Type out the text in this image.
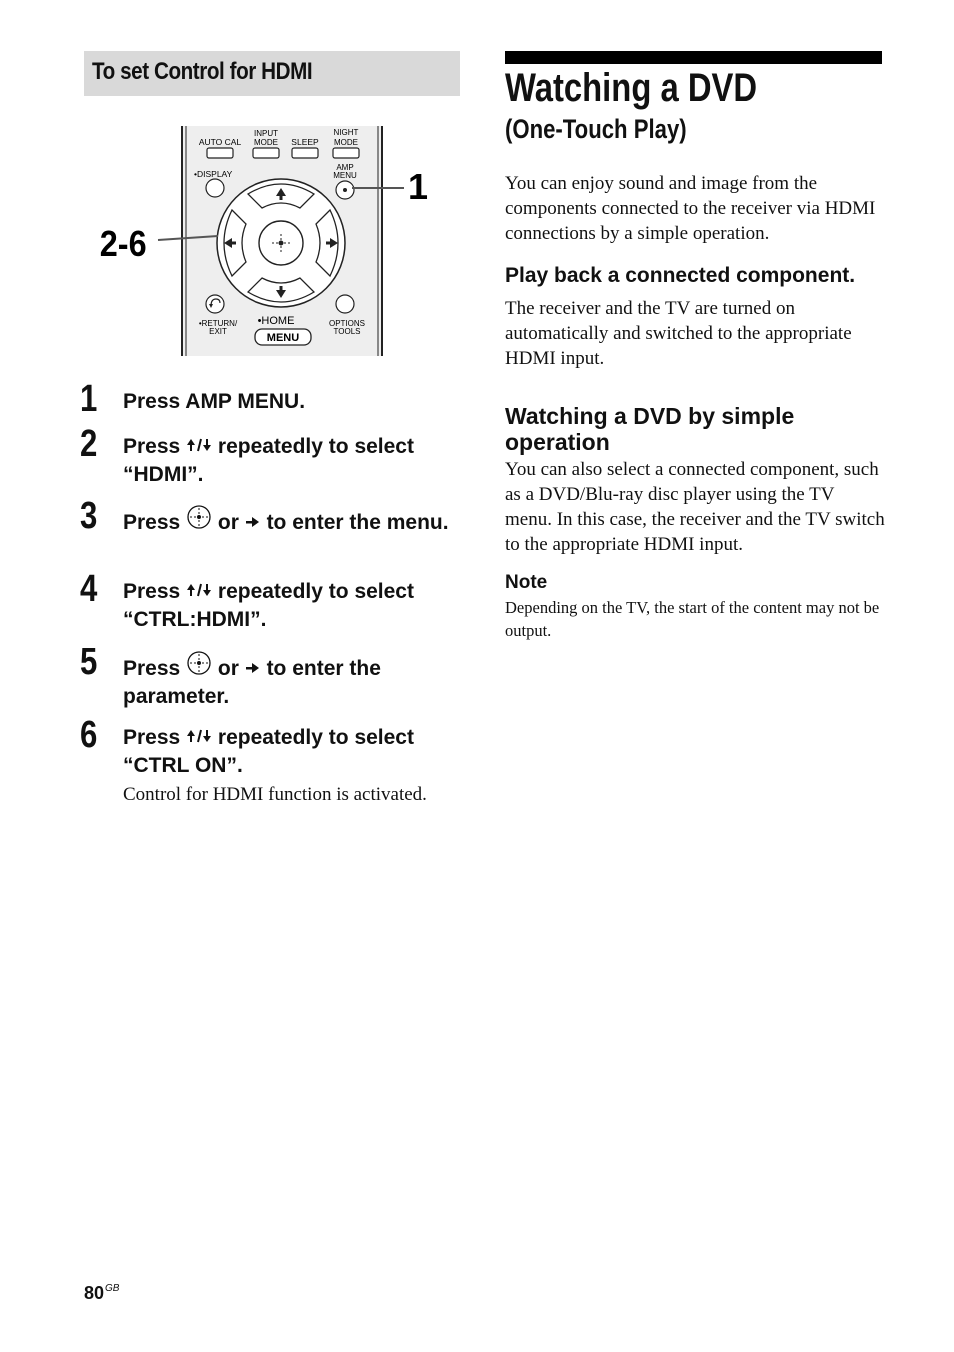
To set Control for HDMI
AUTO CAL
INPUT
MODE SLEEP
NIGHT
MODE
•DISPLAY
AMP
MENU
•RETURN/
EXIT
•HOME
MENU
OPTIONS
TOOLS
1
2-6
1 Press AMP MENU.
2 Press  repeatedly to select “HDMI”.
3 Press  or  to enter the menu.
4 Press  repeatedly to select “CTRL:HDMI”.
5 Press  or  to enter the parameter.
6 Press  repeatedly to select “CTRL ON”.
Control for HDMI function is activated.
Watching a DVD
(One-Touch Play)
You can enjoy sound and image from the components connected to the receiver via HDMI connections by a simple operation.
Play back a connected component.
The receiver and the TV are turned on automatically and switched to the appropriate HDMI input.
Watching a DVD by simple operation
You can also select a connected component, such as a DVD/Blu-ray disc player using the TV menu. In this case, the receiver and the TV switch to the appropriate HDMI input.
Note
Depending on the TV, the start of the content may not be output.
$80^{GB}$
